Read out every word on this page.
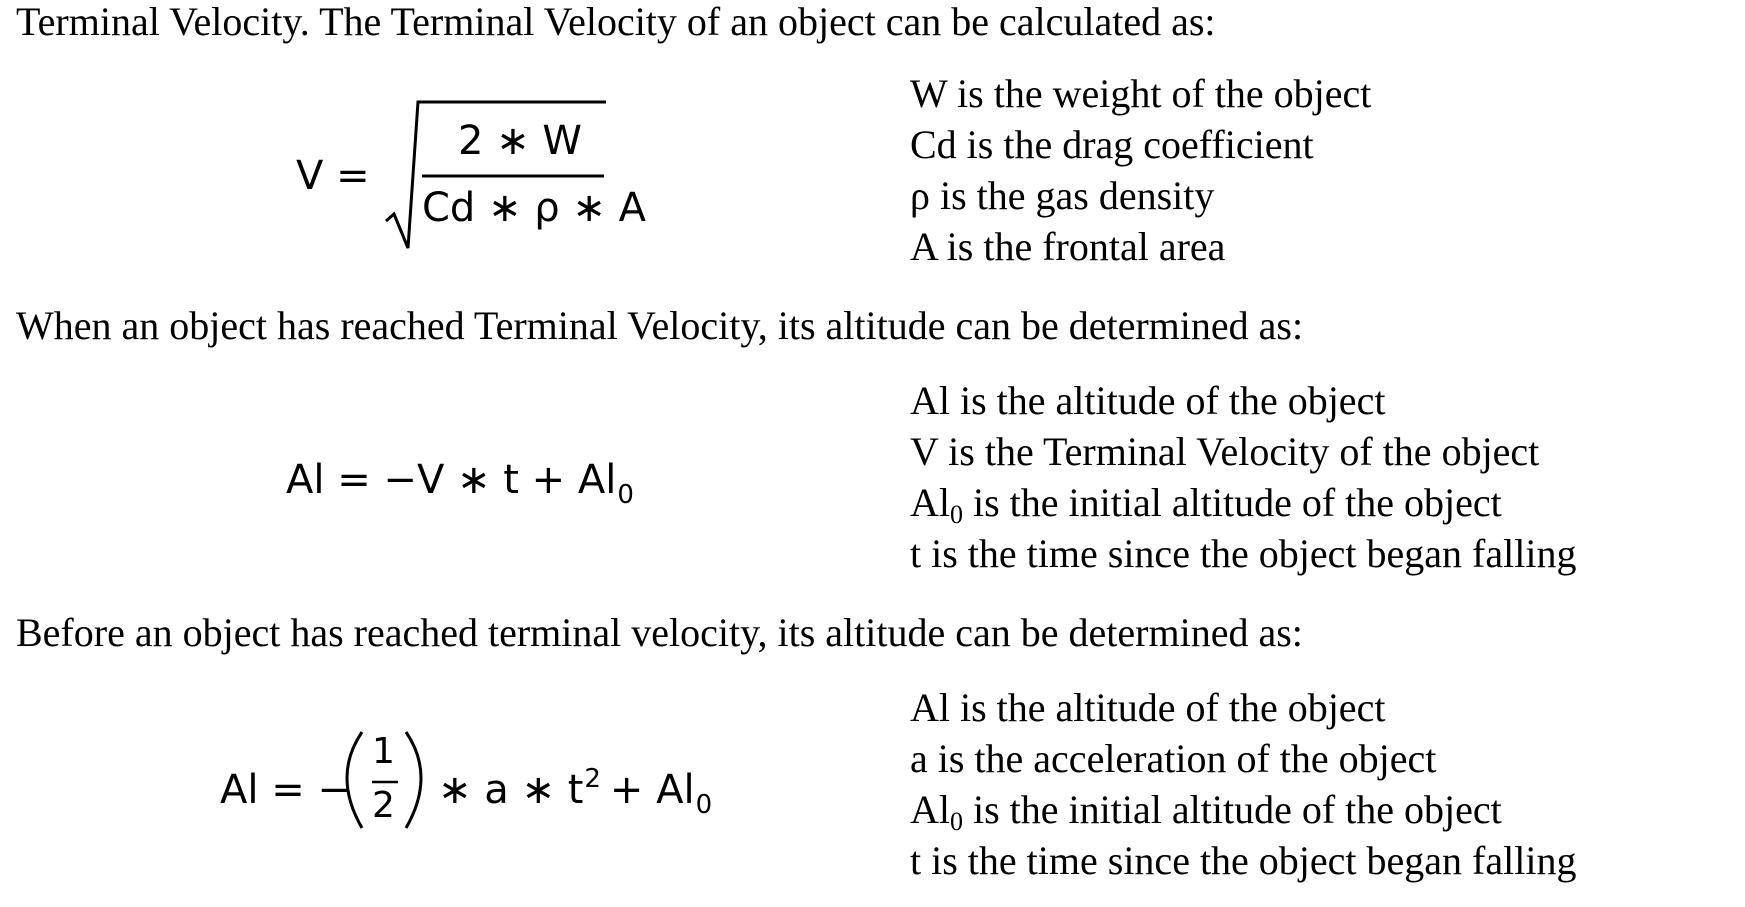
Terminal Velocity. The Terminal Velocity of an object can be calculated as:
V =
2 ∗ W
Cd ∗ ρ ∗ A
W is the weight of the object
Cd is the drag coefficient
ρ is the gas density
A is the frontal area
When an object has reached Terminal Velocity, its altitude can be determined as:
Al = −V ∗ $t + Al_0$
Al is the altitude of the object
V is the Terminal Velocity of the object
Al0 is the initial altitude of the object
t is the time since the object began falling
Before an object has reached terminal velocity, its altitude can be determined as:
Al = −
1
2 ∗ a ∗ $t^2 + Al_0$
Al is the altitude of the object
a is the acceleration of the object
Al0 is the initial altitude of the object
t is the time since the object began falling
